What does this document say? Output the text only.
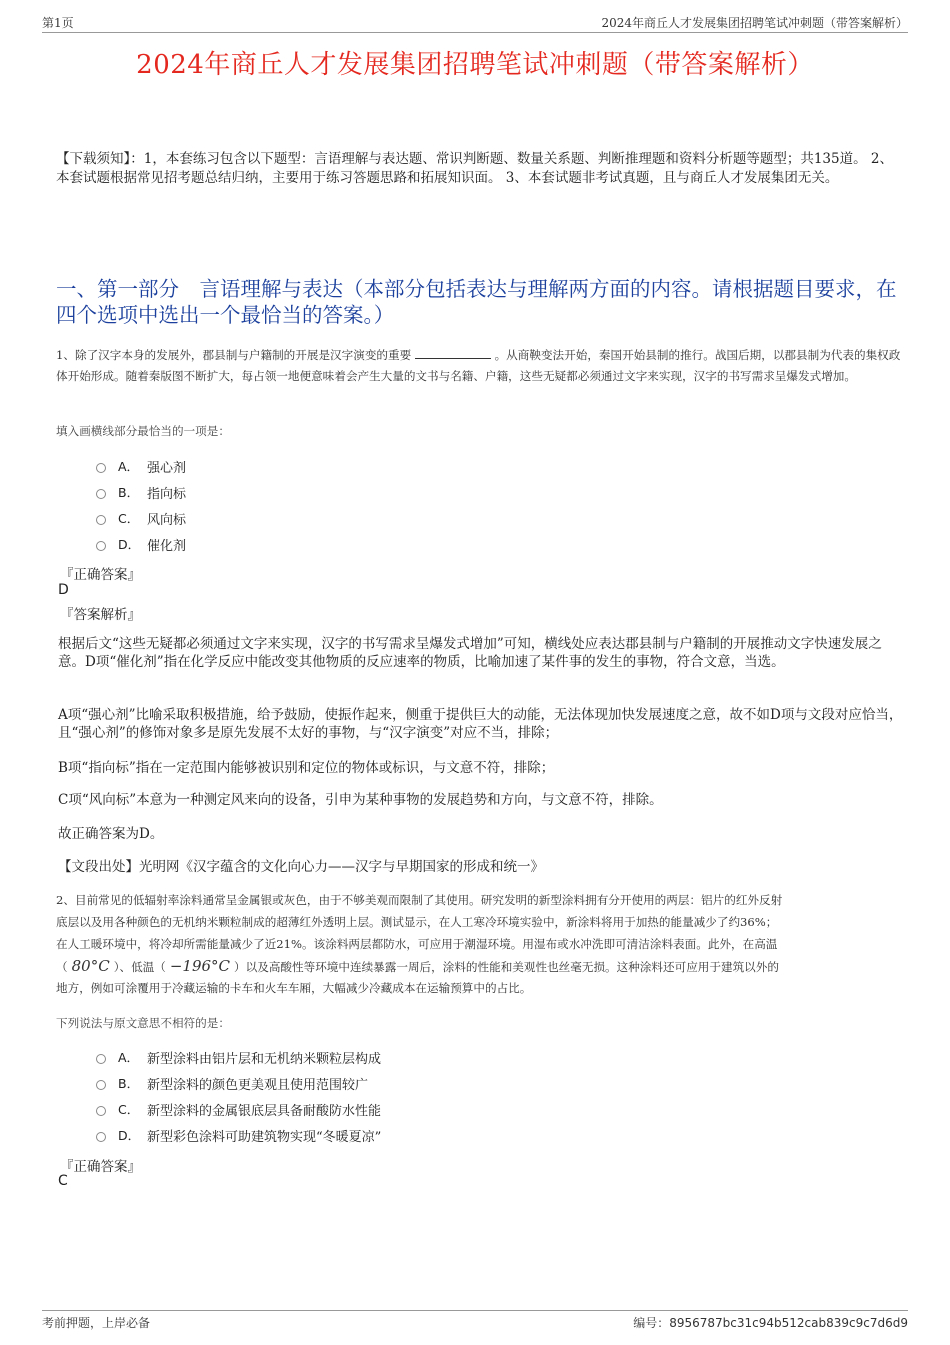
第1页	2024年商丘人才发展集团招聘笔试冲刺题（带答案解析）
2024年商丘人才发展集团招聘笔试冲刺题（带答案解析）
【下载须知】：1，本套练习包含以下题型：言语理解与表达题、常识判断题、数量关系题、判断推理题和资料分析题等题型；共135道。 2、本套试题根据常见招考题总结归纳，主要用于练习答题思路和拓展知识面。 3、本套试题非考试真题，且与商丘人才发展集团无关。
一、第一部分　言语理解与表达（本部分包括表达与理解两方面的内容。请根据题目要求，在四个选项中选出一个最恰当的答案。）
1、除了汉字本身的发展外，郡县制与户籍制的开展是汉字演变的重要	。从商鞅变法开始，秦国开始县制的推行。战国后期，以郡县制为代表的集权政体开始形成。随着秦版图不断扩大，每占领一地便意味着会产生大量的文书与名籍、户籍，这些无疑都必须通过文字来实现，汉字的书写需求呈爆发式增加。
填入画横线部分最恰当的一项是：
A． 强心剂
B． 指向标
C． 风向标
D． 催化剂
『正确答案』
D
『答案解析』
根据后文“这些无疑都必须通过文字来实现，汉字的书写需求呈爆发式增加”可知，横线处应表达郡县制与户籍制的开展推动文字快速发展之意。D项“催化剂”指在化学反应中能改变其他物质的反应速率的物质，比喻加速了某件事的发生的事物，符合文意，当选。
A项“强心剂”比喻采取积极措施，给予鼓励，使振作起来，侧重于提供巨大的动能，无法体现加快发展速度之意，故不如D项与文段对应恰当，且“强心剂”的修饰对象多是原先发展不太好的事物，与“汉字演变”对应不当，排除；
B项“指向标”指在一定范围内能够被识别和定位的物体或标识，与文意不符，排除；
C项“风向标”本意为一种测定风来向的设备，引申为某种事物的发展趋势和方向，与文意不符，排除。
故正确答案为D。
【文段出处】光明网《汉字蕴含的文化向心力——汉字与早期国家的形成和统一》
2、目前常见的低辐射率涂料通常呈金属银或灰色，由于不够美观而限制了其使用。研究发明的新型涂料拥有分开使用的两层：铝片的红外反射
底层以及用各种颜色的无机纳米颗粒制成的超薄红外透明上层。测试显示，在人工寒冷环境实验中，新涂料将用于加热的能量减少了约36%；
在人工暖环境中，将冷却所需能量减少了近21%。该涂料两层都防水，可应用于潮湿环境。用湿布或水冲洗即可清洁涂料表面。此外，在高温
（ 80°C ）、低温（ −196°C ）以及高酸性等环境中连续暴露一周后，涂料的性能和美观性也丝毫无损。这种涂料还可应用于建筑以外的
地方，例如可涂覆用于冷藏运输的卡车和火车车厢，大幅减少冷藏成本在运输预算中的占比。
下列说法与原文意思不相符的是：
A． 新型涂料由铝片层和无机纳米颗粒层构成
B． 新型涂料的颜色更美观且使用范围较广
C． 新型涂料的金属银底层具备耐酸防水性能
D． 新型彩色涂料可助建筑物实现“冬暖夏凉”
『正确答案』
C
考前押题，上岸必备	编号：8956787bc31c94b512cab839c9c7d6d9
